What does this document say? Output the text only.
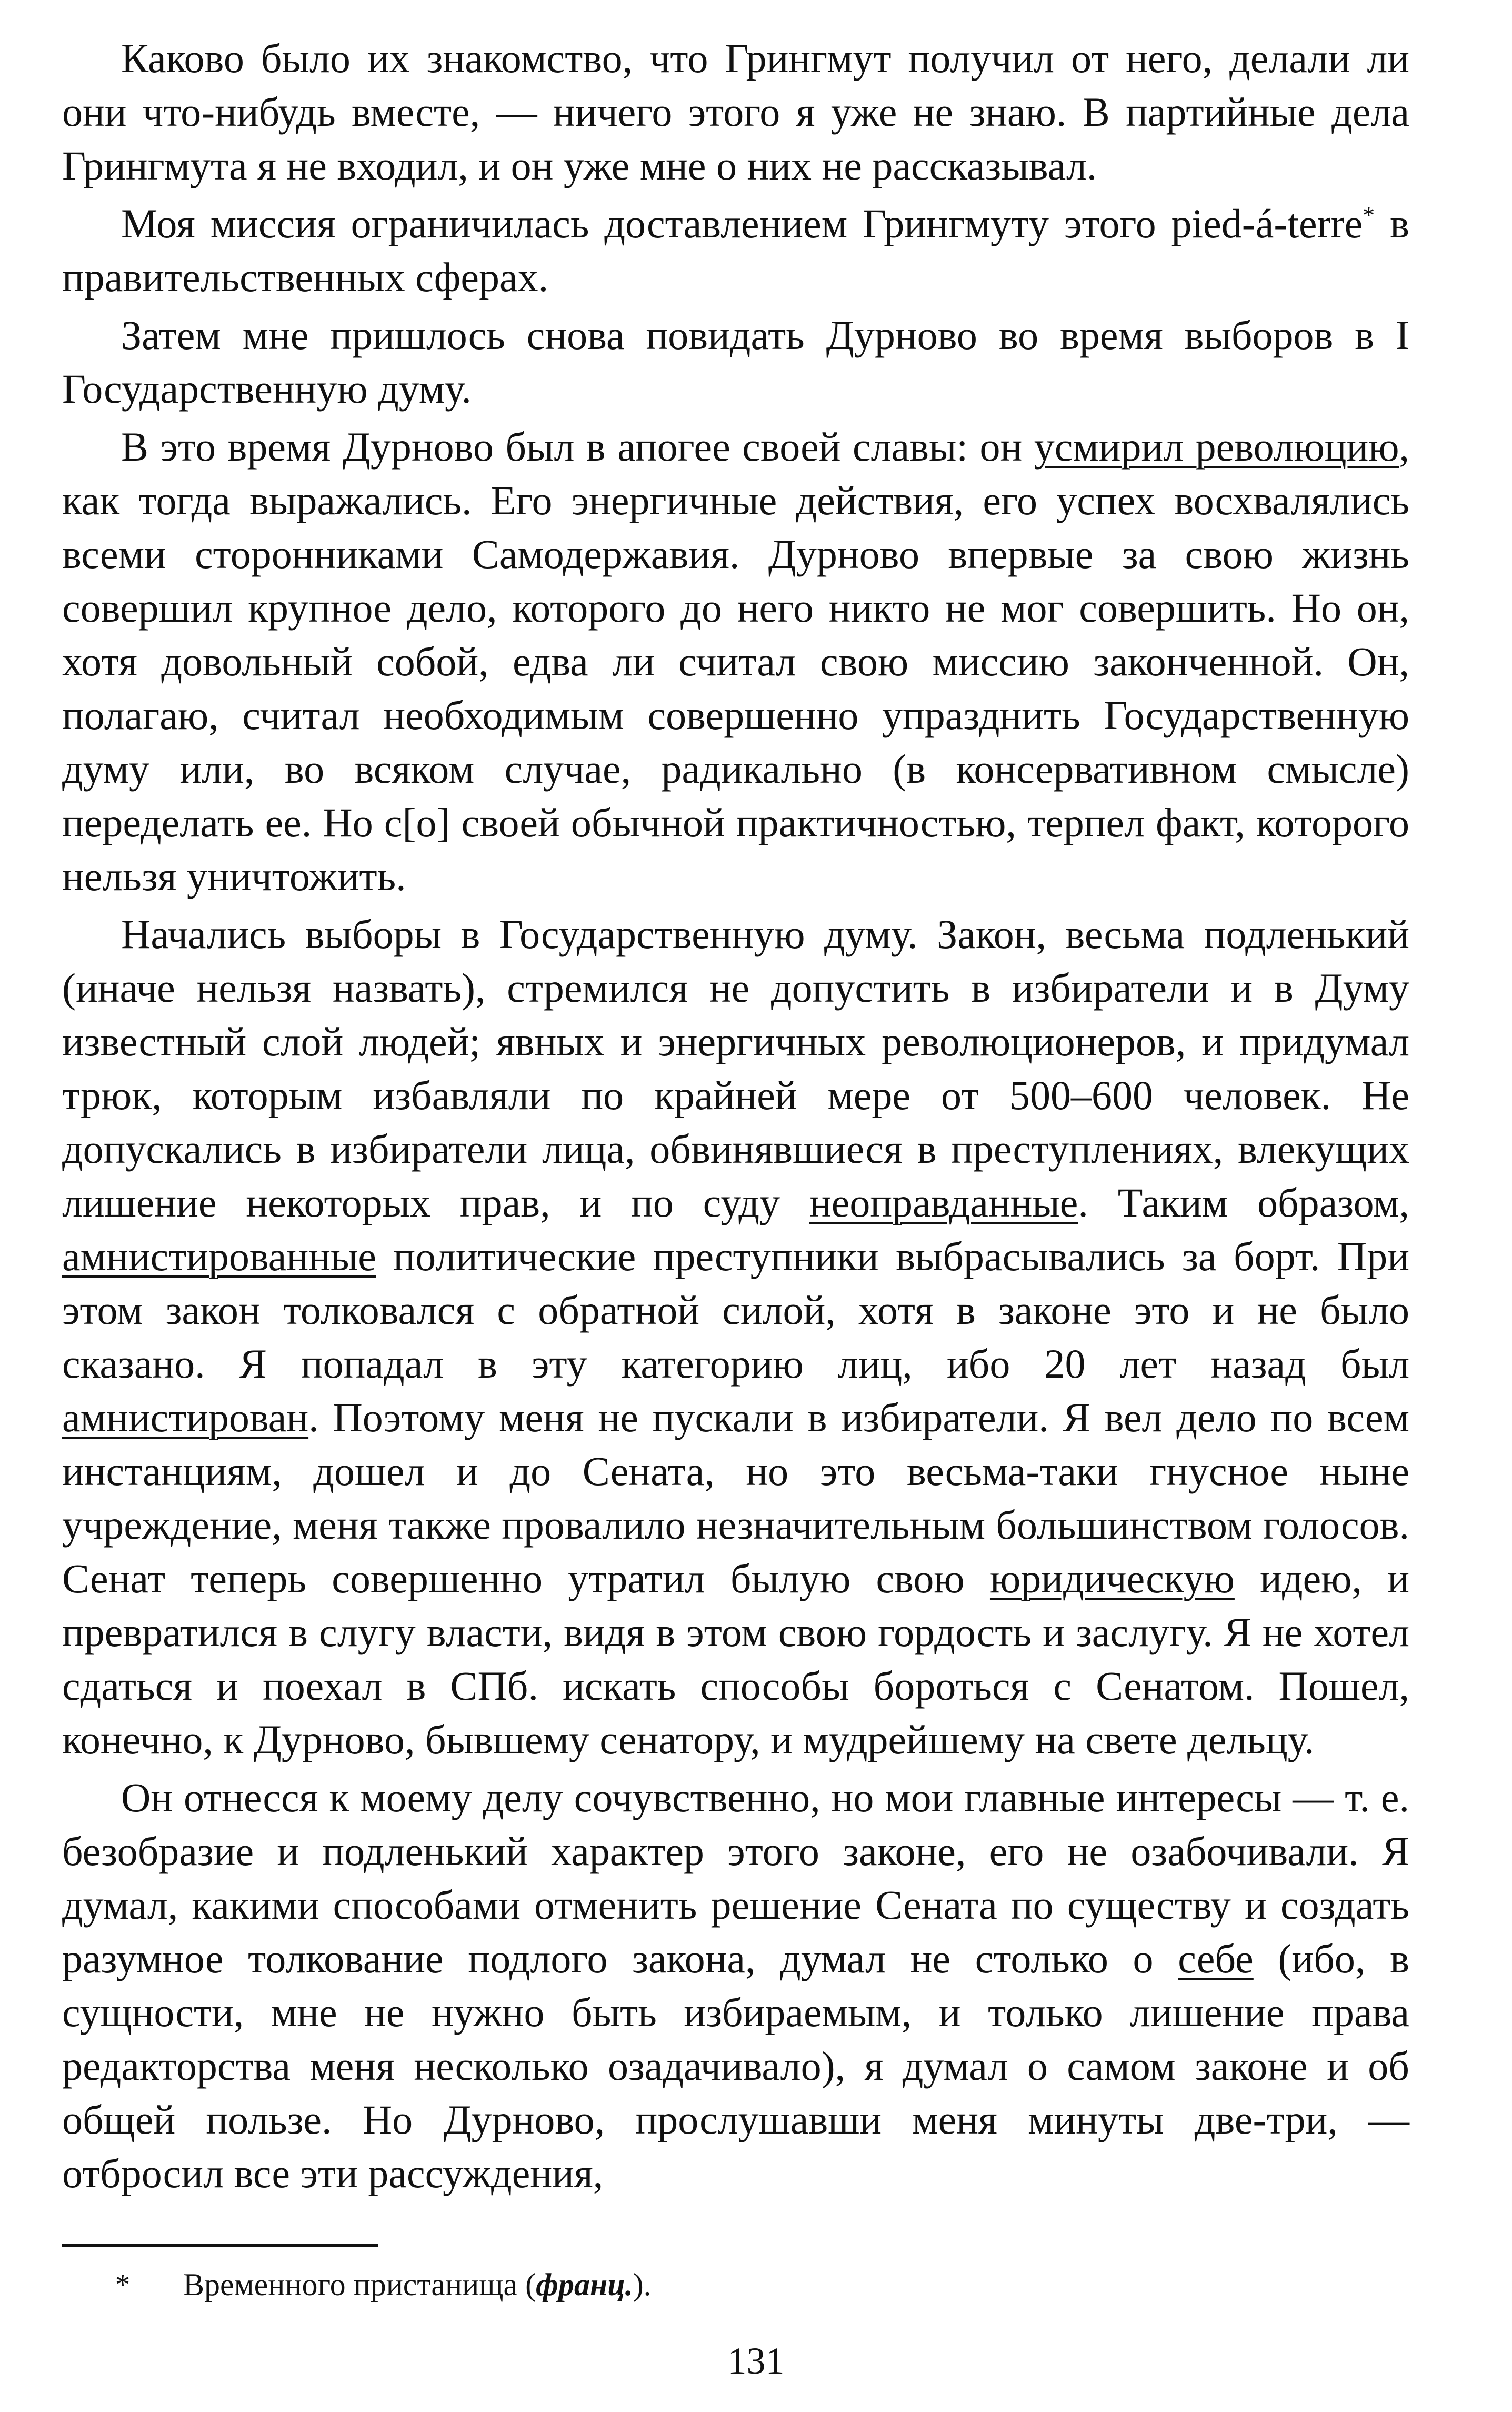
Каково было их знакомство, что Грингмут получил от него, делали ли они что-нибудь вместе, — ничего этого я уже не знаю. В партийные дела Грингмута я не входил, и он уже мне о них не рассказывал.

Моя миссия ограничилась доставлением Грингмуту этого pied-á-terre* в правительственных сферах.

Затем мне пришлось снова повидать Дурново во время выборов в I Государственную думу.

В это время Дурново был в апогее своей славы: он усмирил революцию, как тогда выражались. Его энергичные действия, его успех восхвалялись всеми сторонниками Самодержавия. Дурново впервые за свою жизнь совершил крупное дело, которого до него никто не мог совершить. Но он, хотя довольный собой, едва ли считал свою миссию законченной. Он, полагаю, считал необходимым совершенно упразднить Государственную думу или, во всяком случае, радикально (в консервативном смысле) переделать ее. Но с[о] своей обычной практичностью, терпел факт, которого нельзя уничтожить.

Начались выборы в Государственную думу. Закон, весьма подленький (иначе нельзя назвать), стремился не допустить в избиратели и в Думу известный слой людей; явных и энергичных революционеров, и придумал трюк, которым избавляли по крайней мере от 500–600 человек. Не допускались в избиратели лица, обвинявшиеся в преступлениях, влекущих лишение некоторых прав, и по суду неоправданные. Таким образом, амнистированные политические преступники выбрасывались за борт. При этом закон толковался с обратной силой, хотя в законе это и не было сказано. Я попадал в эту категорию лиц, ибо 20 лет назад был амнистирован. Поэтому меня не пускали в избиратели. Я вел дело по всем инстанциям, дошел и до Сената, но это весьма-таки гнусное ныне учреждение, меня также провалило незначительным большинством голосов. Сенат теперь совершенно утратил былую свою юридическую идею, и превратился в слугу власти, видя в этом свою гордость и заслугу. Я не хотел сдаться и поехал в СПб. искать способы бороться с Сенатом. Пошел, конечно, к Дурново, бывшему сенатору, и мудрейшему на свете дельцу.

Он отнесся к моему делу сочувственно, но мои главные интересы — т. е. безобразие и подленький характер этого законе, его не озабочивали. Я думал, какими способами отменить решение Сената по существу и создать разумное толкование подлого закона, думал не столько о себе (ибо, в сущности, мне не нужно быть избираемым, и только лишение права редакторства меня несколько озадачивало), я думал о самом законе и об общей пользе. Но Дурново, прослушавши меня минуты две-три, — отбросил все эти рассуждения,

* Временного пристанища (франц.).
131
